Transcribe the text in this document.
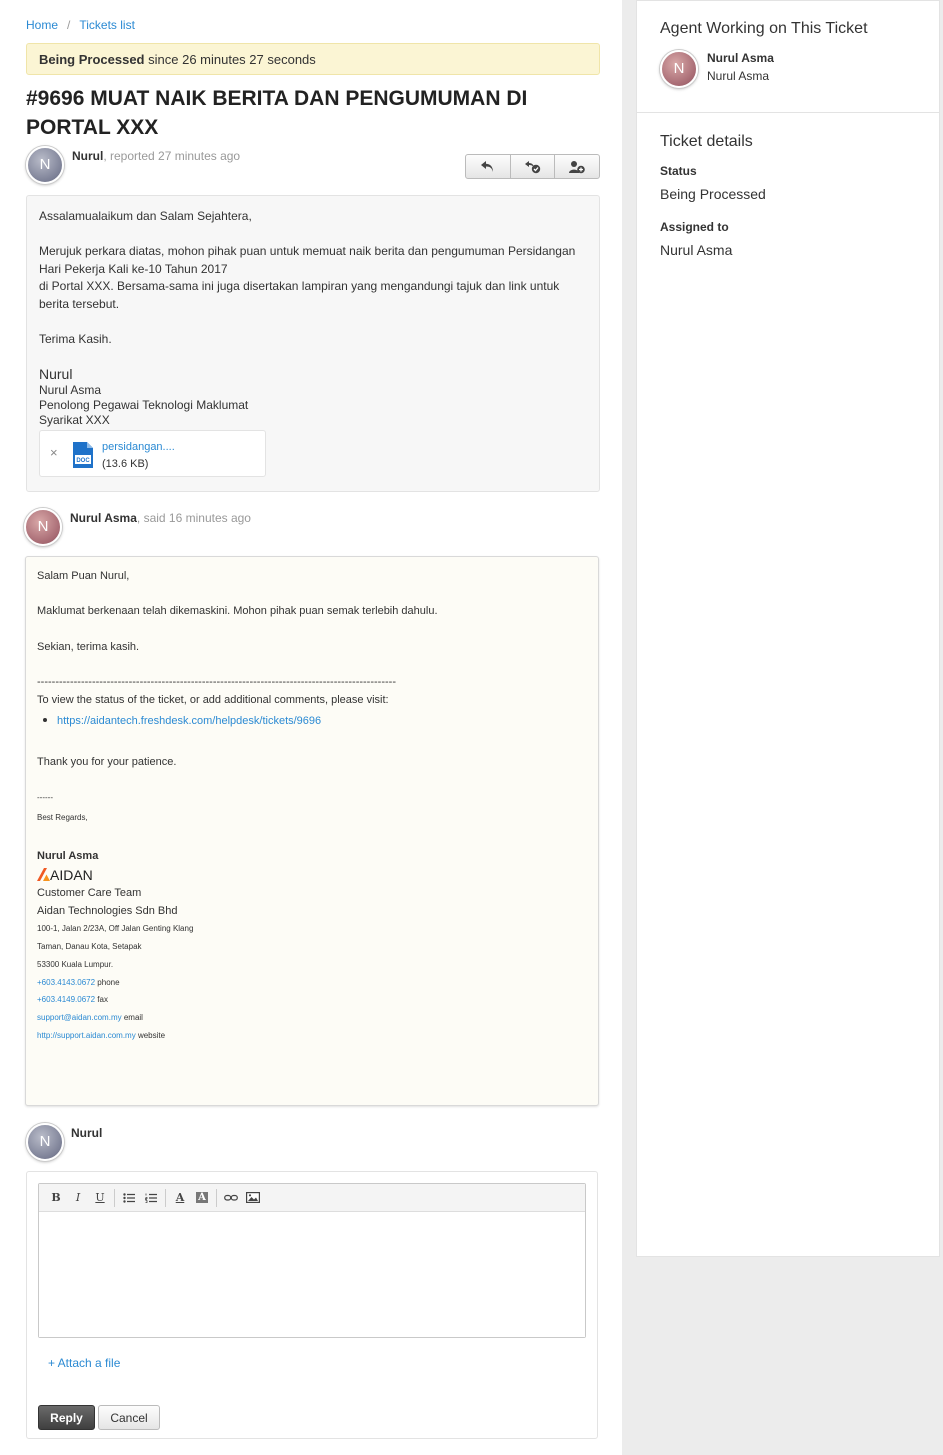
Home / Tickets list
Being Processed since 26 minutes 27 seconds
#9696 MUAT NAIK BERITA DAN PENGUMUMAN DI PORTAL XXX
N	Nurul, reported 27 minutes ago

Assalamualaikum dan Salam Sejahtera,

Merujuk perkara diatas, mohon pihak puan untuk memuat naik berita dan pengumuman Persidangan
Hari Pekerja Kali ke-10 Tahun 2017
di Portal XXX. Bersama-sama ini juga disertakan lampiran yang mengandungi tajuk dan link untuk
berita tersebut.

Terima Kasih.

Nurul
Nurul Asma
Penolong Pegawai Teknologi Maklumat
Syarikat XXX
×
DOC
persidangan....
(13.6 KB)
N	Nurul Asma, said 16 minutes ago
Salam Puan Nurul,
Maklumat berkenaan telah dikemaskini. Mohon pihak puan semak terlebih dahulu.
Sekian, terima kasih.
--------------------------------------------------------------------------------------------------
To view the status of the ticket, or add additional comments, please visit:
https://aidantech.freshdesk.com/helpdesk/tickets/9696
Thank you for your patience.
------
Best Regards,
Nurul Asma
AIDAN
Customer Care Team
Aidan Technologies Sdn Bhd
100-1, Jalan 2/23A, Off Jalan Genting Klang
Taman, Danau Kota, Setapak
53300 Kuala Lumpur.
+603.4143.0672 phone
+603.4149.0672 fax
support@aidan.com.my email
http://support.aidan.com.my website
N	Nurul
B	I	U	A	A
+ Attach a file
Reply	Cancel
Agent Working on This Ticket
N
Nurul Asma
Nurul Asma
Ticket details
Status
Being Processed
Assigned to
Nurul Asma
